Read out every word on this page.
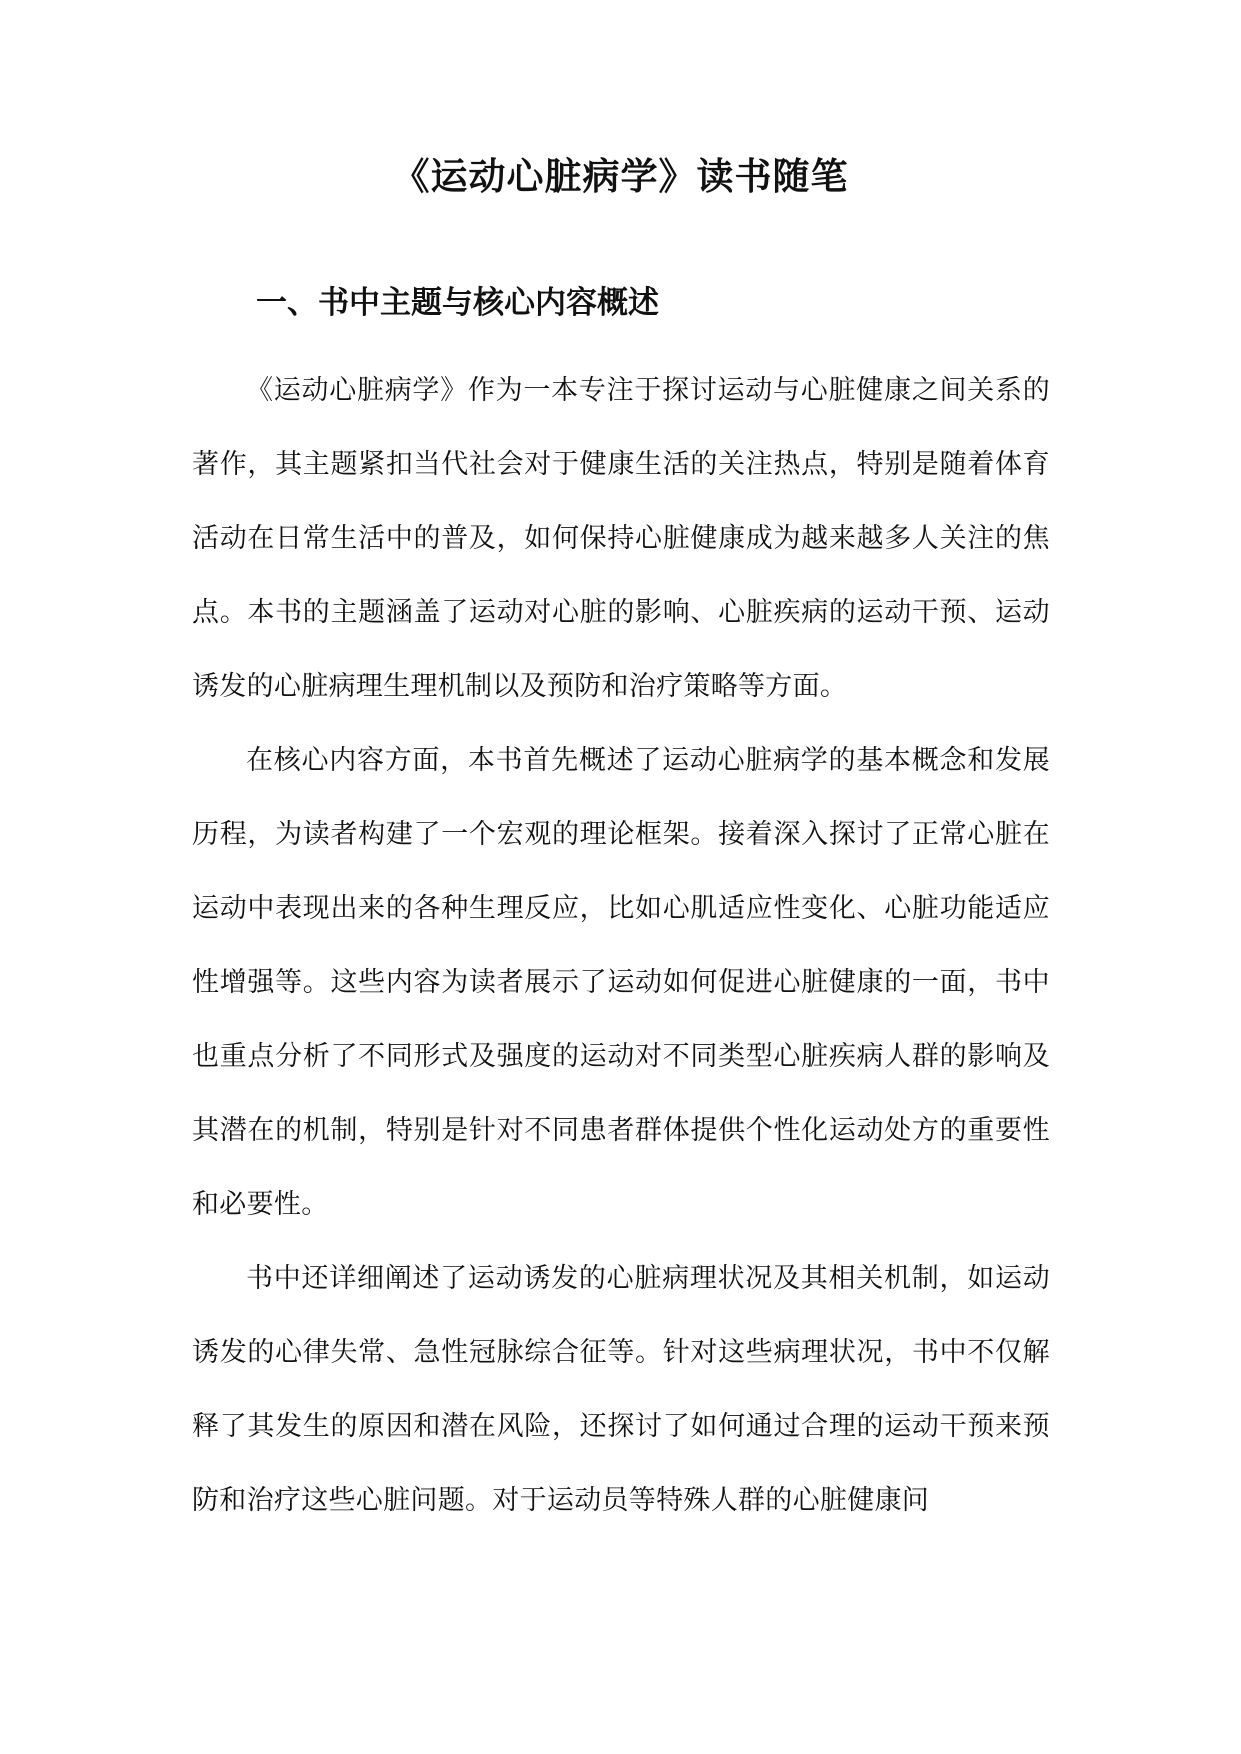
《运动心脏病学》读书随笔
一、书中主题与核心内容概述

《运动心脏病学》作为一本专注于探讨运动与心脏健康之间关系的著作，其主题紧扣当代社会对于健康生活的关注热点，特别是随着体育活动在日常生活中的普及，如何保持心脏健康成为越来越多人关注的焦点。本书的主题涵盖了运动对心脏的影响、心脏疾病的运动干预、运动诱发的心脏病理生理机制以及预防和治疗策略等方面。

在核心内容方面，本书首先概述了运动心脏病学的基本概念和发展历程，为读者构建了一个宏观的理论框架。接着深入探讨了正常心脏在运动中表现出来的各种生理反应，比如心肌适应性变化、心脏功能适应性增强等。这些内容为读者展示了运动如何促进心脏健康的一面，书中也重点分析了不同形式及强度的运动对不同类型心脏疾病人群的影响及其潜在的机制，特别是针对不同患者群体提供个性化运动处方的重要性和必要性。

书中还详细阐述了运动诱发的心脏病理状况及其相关机制，如运动诱发的心律失常、急性冠脉综合征等。针对这些病理状况，书中不仅解释了其发生的原因和潜在风险，还探讨了如何通过合理的运动干预来预防和治疗这些心脏问题。对于运动员等特殊人群的心脏健康问
